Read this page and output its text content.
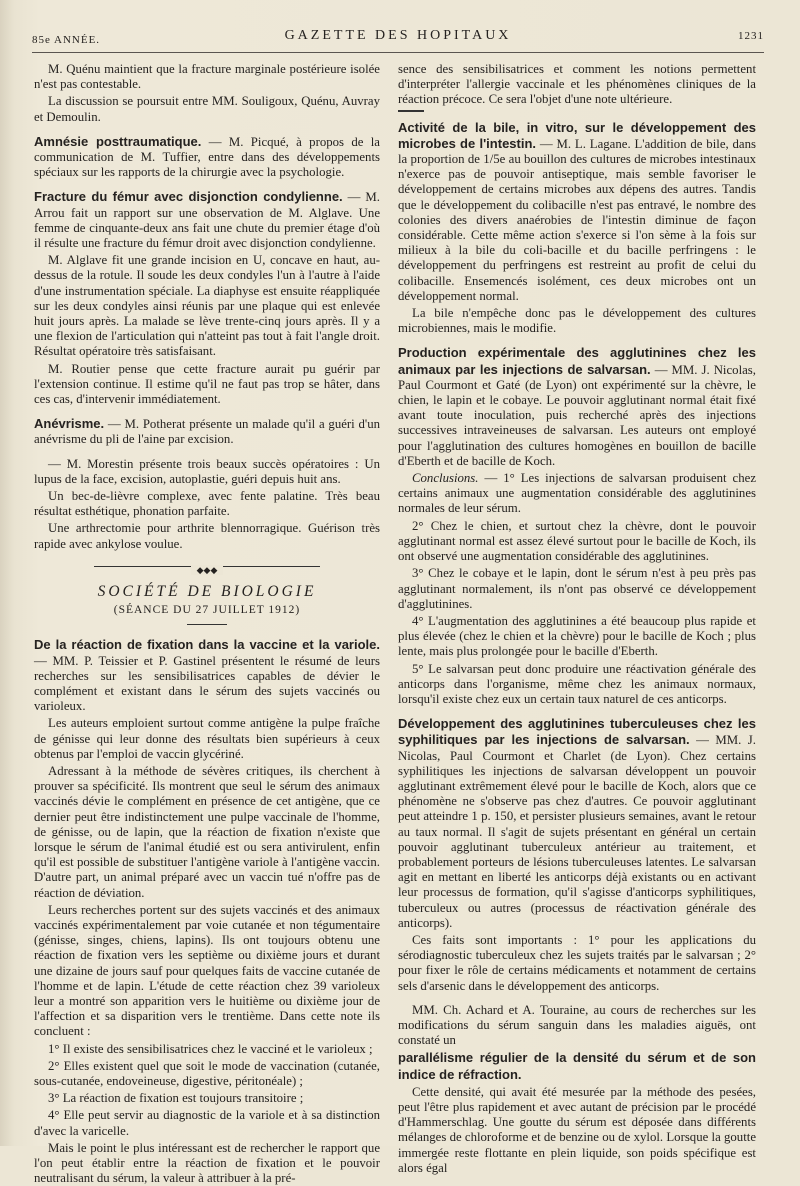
85e ANNÉE.	GAZETTE DES HOPITAUX	1231

M. Quénu maintient que la fracture marginale postérieure isolée n'est pas contestable.

La discussion se poursuit entre MM. Souligoux, Quénu, Auvray et Demoulin.

Amnésie posttraumatique. — M. Picqué, à propos de la communication de M. Tuffier, entre dans des développements spéciaux sur les rapports de la chirurgie avec la psychologie.

Fracture du fémur avec disjonction condylienne. — M. Arrou fait un rapport sur une observation de M. Alglave. Une femme de cinquante-deux ans fait une chute du premier étage d'où il résulte une fracture du fémur droit avec disjonction condylienne.

M. Alglave fit une grande incision en U, concave en haut, au-dessus de la rotule. Il soude les deux condyles l'un à l'autre à l'aide d'une instrumentation spéciale. La diaphyse est ensuite réappliquée sur les deux condyles ainsi réunis par une plaque qui est enlevée huit jours après. La malade se lève trente-cinq jours après. Il y a une flexion de l'articulation qui n'atteint pas tout à fait l'angle droit. Résultat opératoire très satisfaisant.

M. Routier pense que cette fracture aurait pu guérir par l'extension continue. Il estime qu'il ne faut pas trop se hâter, dans ces cas, d'intervenir immédiatement.

Anévrisme. — M. Potherat présente un malade qu'il a guéri d'un anévrisme du pli de l'aine par excision.

— M. Morestin présente trois beaux succès opératoires : Un lupus de la face, excision, autoplastie, guéri depuis huit ans.

Un bec-de-lièvre complexe, avec fente palatine. Très beau résultat esthétique, phonation parfaite.

Une arthrectomie pour arthrite blennorragique. Guérison très rapide avec ankylose voulue.

◆◆◆
SOCIÉTÉ DE BIOLOGIE
(SÉANCE DU 27 JUILLET 1912)

De la réaction de fixation dans la vaccine et la variole. — MM. P. Teissier et P. Gastinel présentent le résumé de leurs recherches sur les sensibilisatrices capables de dévier le complément et existant dans le sérum des sujets vaccinés ou varioleux.

Les auteurs emploient surtout comme antigène la pulpe fraîche de génisse qui leur donne des résultats bien supérieurs à ceux obtenus par l'emploi de vaccin glycériné.

Adressant à la méthode de sévères critiques, ils cherchent à prouver sa spécificité. Ils montrent que seul le sérum des animaux vaccinés dévie le complément en présence de cet antigène, que ce dernier peut être indistinctement une pulpe vaccinale de l'homme, de génisse, ou de lapin, que la réaction de fixation n'existe que lorsque le sérum de l'animal étudié est ou sera antivirulent, enfin qu'il est possible de substituer l'antigène variole à l'antigène vaccin. D'autre part, un animal préparé avec un vaccin tué n'offre pas de réaction de déviation.

Leurs recherches portent sur des sujets vaccinés et des animaux vaccinés expérimentalement par voie cutanée et non tégumentaire (génisse, singes, chiens, lapins). Ils ont toujours obtenu une réaction de fixation vers les septième ou dixième jours et durant une dizaine de jours sauf pour quelques faits de vaccine cutanée de l'homme et de lapin. L'étude de cette réaction chez 39 varioleux leur a montré son apparition vers le huitième ou dixième jour de l'affection et sa disparition vers le trentième. Dans cette note ils concluent :

1° Il existe des sensibilisatrices chez le vacciné et le varioleux ;

2° Elles existent quel que soit le mode de vaccination (cutanée, sous-cutanée, endoveineuse, digestive, péritonéale) ;

3° La réaction de fixation est toujours transitoire ;

4° Elle peut servir au diagnostic de la variole et à sa distinction d'avec la varicelle.

Mais le point le plus intéressant est de rechercher le rapport que l'on peut établir entre la réaction de fixation et le pouvoir neutralisant du sérum, la valeur à attribuer à la pré-

sence des sensibilisatrices et comment les notions permettent d'interpréter l'allergie vaccinale et les phénomènes cliniques de la réaction précoce. Ce sera l'objet d'une note ultérieure.

Activité de la bile, in vitro, sur le développement des microbes de l'intestin. — M. L. Lagane. L'addition de bile, dans la proportion de 1/5e au bouillon des cultures de microbes intestinaux n'exerce pas de pouvoir antiseptique, mais semble favoriser le développement de certains microbes aux dépens des autres. Tandis que le développement du colibacille n'est pas entravé, le nombre des colonies des divers anaérobies de l'intestin diminue de façon considérable. Cette même action s'exerce si l'on sème à la fois sur milieux à la bile du coli-bacille et du bacille perfringens : le développement du perfringens est restreint au profit de celui du colibacille. Ensemencés isolément, ces deux microbes ont un développement normal.

La bile n'empêche donc pas le développement des cultures microbiennes, mais le modifie.

Production expérimentale des agglutinines chez les animaux par les injections de salvarsan. — MM. J. Nicolas, Paul Courmont et Gaté (de Lyon) ont expérimenté sur la chèvre, le chien, le lapin et le cobaye. Le pouvoir agglutinant normal était fixé avant toute inoculation, puis recherché après des injections successives intraveineuses de salvarsan. Les auteurs ont employé pour l'agglutination des cultures homogènes en bouillon de bacille d'Eberth et de bacille de Koch.

Conclusions. — 1° Les injections de salvarsan produisent chez certains animaux une augmentation considérable des agglutinines normales de leur sérum.

2° Chez le chien, et surtout chez la chèvre, dont le pouvoir agglutinant normal est assez élevé surtout pour le bacille de Koch, ils ont observé une augmentation considérable des agglutinines.

3° Chez le cobaye et le lapin, dont le sérum n'est à peu près pas agglutinant normalement, ils n'ont pas observé ce développement d'agglutinines.

4° L'augmentation des agglutinines a été beaucoup plus rapide et plus élevée (chez le chien et la chèvre) pour le bacille de Koch ; plus lente, mais plus prolongée pour le bacille d'Eberth.

5° Le salvarsan peut donc produire une réactivation générale des anticorps dans l'organisme, même chez les animaux normaux, lorsqu'il existe chez eux un certain taux naturel de ces anticorps.

Développement des agglutinines tuberculeuses chez les syphilitiques par les injections de salvarsan. — MM. J. Nicolas, Paul Courmont et Charlet (de Lyon). Chez certains syphilitiques les injections de salvarsan développent un pouvoir agglutinant extrêmement élevé pour le bacille de Koch, alors que ce phénomène ne s'observe pas chez d'autres. Ce pouvoir agglutinant peut atteindre 1 p. 150, et persister plusieurs semaines, avant le retour au taux normal. Il s'agit de sujets présentant en général un certain pouvoir agglutinant tuberculeux antérieur au traitement, et probablement porteurs de lésions tuberculeuses latentes. Le salvarsan agit en mettant en liberté les anticorps déjà existants ou en activant leur processus de formation, qu'il s'agisse d'anticorps syphilitiques, tuberculeux ou autres (processus de réactivation générale des anticorps).

Ces faits sont importants : 1° pour les applications du sérodiagnostic tuberculeux chez les sujets traités par le salvarsan ; 2° pour fixer le rôle de certains médicaments et notamment de certains sels d'arsenic dans le développement des anticorps.

MM. Ch. Achard et A. Touraine, au cours de recherches sur les modifications du sérum sanguin dans les maladies aiguës, ont constaté un

parallélisme régulier de la densité du sérum et de son indice de réfraction.

Cette densité, qui avait été mesurée par la méthode des pesées, peut l'être plus rapidement et avec autant de précision par le procédé d'Hammerschlag. Une goutte du sérum est déposée dans différents mélanges de chloroforme et de benzine ou de xylol. Lorsque la goutte immergée reste flottante en plein liquide, son poids spécifique est alors égal
